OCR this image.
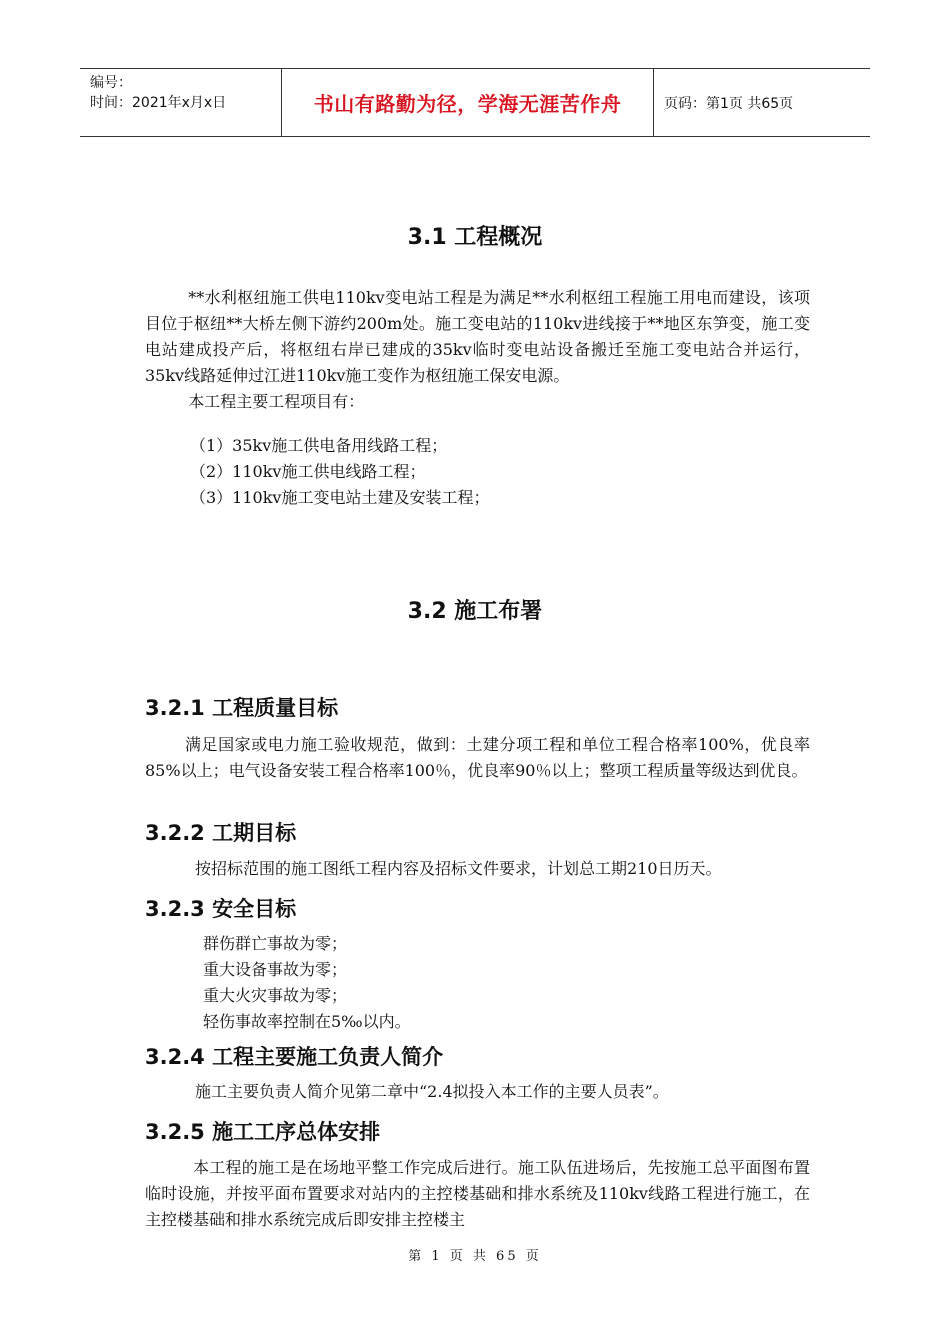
编号：
时间：2021年x月x日	书山有路勤为径，学海无涯苦作舟	页码：第1页 共65页
3.1 工程概况

**水利枢纽施工供电110kv变电站工程是为满足**水利枢纽工程施工用电而建设，该项目位于枢纽**大桥左侧下游约200m处。施工变电站的110kv进线接于**地区东笋变，施工变电站建成投产后，将枢纽右岸已建成的35kv临时变电站设备搬迁至施工变电站合并运行，35kv线路延伸过江进110kv施工变作为枢纽施工保安电源。

本工程主要工程项目有：

（1）35kv施工供电备用线路工程；
（2）110kv施工供电线路工程；
（3）110kv施工变电站土建及安装工程；
3.2 施工布署
3.2.1 工程质量目标

满足国家或电力施工验收规范，做到：土建分项工程和单位工程合格率100%，优良率85%以上；电气设备安装工程合格率100％，优良率90％以上；整项工程质量等级达到优良。

3.2.2 工期目标

按招标范围的施工图纸工程内容及招标文件要求，计划总工期210日历天。

3.2.3 安全目标
群伤群亡事故为零；
重大设备事故为零；
重大火灾事故为零；
轻伤事故率控制在5‰以内。
3.2.4 工程主要施工负责人简介

施工主要负责人简介见第二章中“2.4拟投入本工作的主要人员表”。

3.2.5 施工工序总体安排

本工程的施工是在场地平整工作完成后进行。施工队伍进场后，先按施工总平面图布置临时设施，并按平面布置要求对站内的主控楼基础和排水系统及110kv线路工程进行施工，在主控楼基础和排水系统完成后即安排主控楼主

第 1 页 共 65 页
